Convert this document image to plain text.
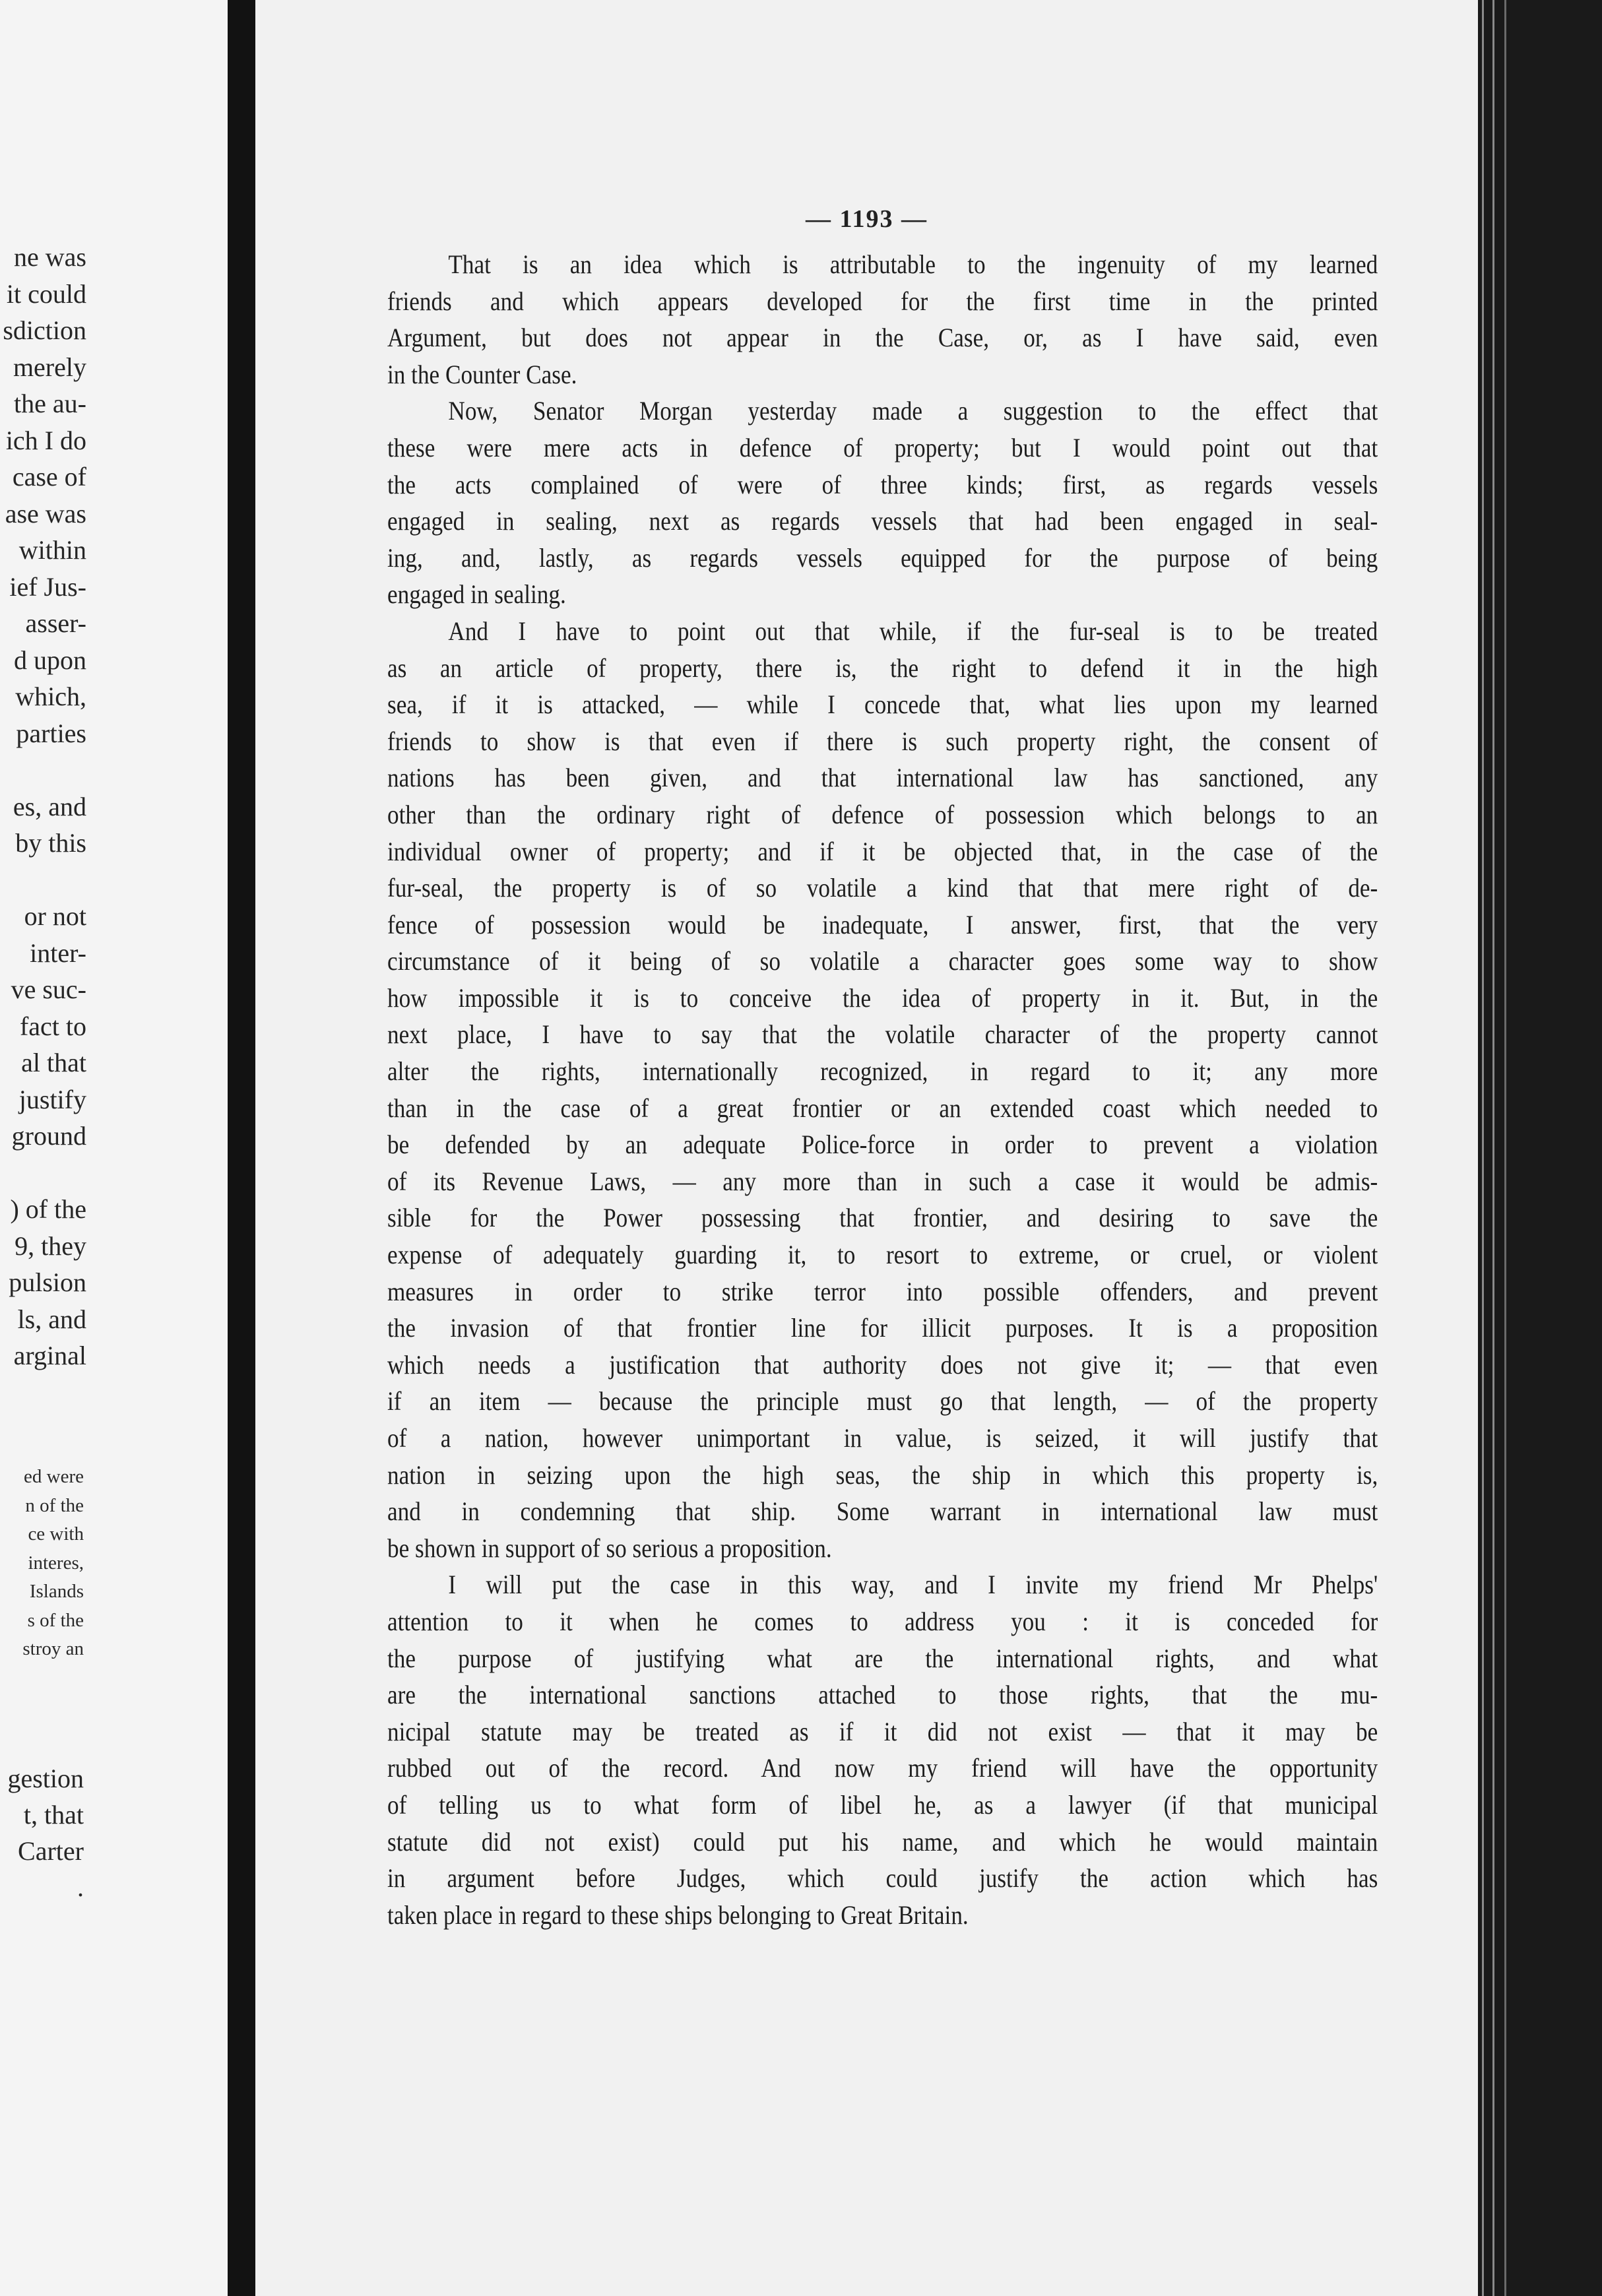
ne was
it could
sdiction
merely
the au-
ich I do
case of
ase was
within
ief Jus-
asser-
d upon
which,
parties

es, and
by this

or not
inter-
ve suc-
fact to
al that
justify
ground

) of the
9, they
pulsion
ls, and
arginal
ed were
n of the
ce with
interes,
Islands
s of the
stroy an
gestion
t, that
Carter
.
— 1193 —
That is an idea which is attributable to the ingenuity of my learned
friends and which appears developed for the first time in the printed
Argument, but does not appear in the Case, or, as I have said, even
in the Counter Case.
Now, Senator Morgan yesterday made a suggestion to the effect that
these were mere acts in defence of property; but I would point out that
the acts complained of were of three kinds; first, as regards vessels
engaged in sealing, next as regards vessels that had been engaged in seal-
ing, and, lastly, as regards vessels equipped for the purpose of being
engaged in sealing.
And I have to point out that while, if the fur-seal is to be treated
as an article of property, there is, the right to defend it in the high
sea, if it is attacked, — while I concede that, what lies upon my learned
friends to show is that even if there is such property right, the consent of
nations has been given, and that international law has sanctioned, any
other than the ordinary right of defence of possession which belongs to an
individual owner of property; and if it be objected that, in the case of the
fur-seal, the property is of so volatile a kind that that mere right of de-
fence of possession would be inadequate, I answer, first, that the very
circumstance of it being of so volatile a character goes some way to show
how impossible it is to conceive the idea of property in it. But, in the
next place, I have to say that the volatile character of the property cannot
alter the rights, internationally recognized, in regard to it; any more
than in the case of a great frontier or an extended coast which needed to
be defended by an adequate Police-force in order to prevent a violation
of its Revenue Laws, — any more than in such a case it would be admis-
sible for the Power possessing that frontier, and desiring to save the
expense of adequately guarding it, to resort to extreme, or cruel, or violent
measures in order to strike terror into possible offenders, and prevent
the invasion of that frontier line for illicit purposes. It is a proposition
which needs a justification that authority does not give it; — that even
if an item — because the principle must go that length, — of the property
of a nation, however unimportant in value, is seized, it will justify that
nation in seizing upon the high seas, the ship in which this property is,
and in condemning that ship. Some warrant in international law must
be shown in support of so serious a proposition.
I will put the case in this way, and I invite my friend Mr Phelps'
attention to it when he comes to address you : it is conceded for
the purpose of justifying what are the international rights, and what
are the international sanctions attached to those rights, that the mu-
nicipal statute may be treated as if it did not exist — that it may be
rubbed out of the record. And now my friend will have the opportunity
of telling us to what form of libel he, as a lawyer (if that municipal
statute did not exist) could put his name, and which he would maintain
in argument before Judges, which could justify the action which has
taken place in regard to these ships belonging to Great Britain.
